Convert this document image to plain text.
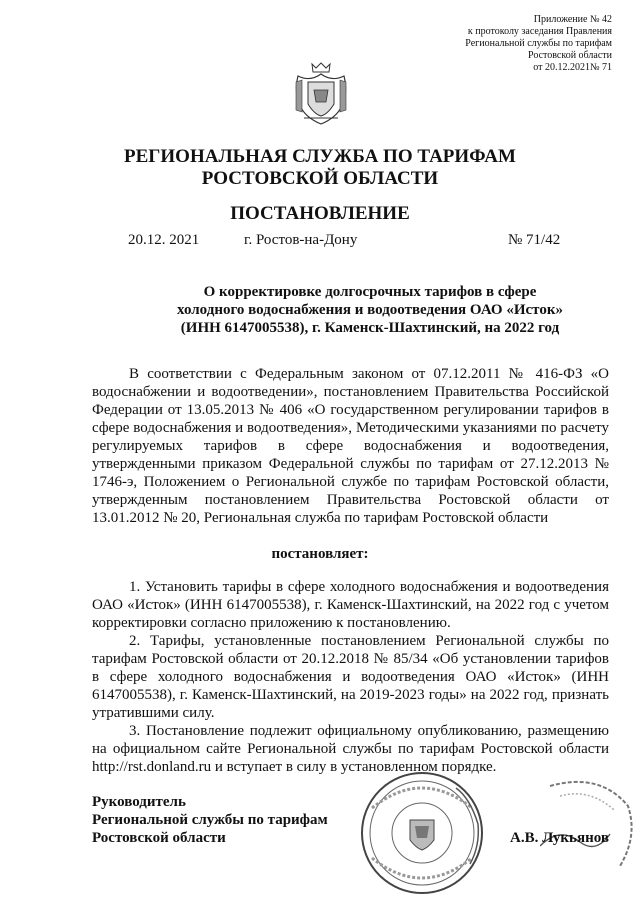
Приложение № 42
к протоколу заседания Правления
Региональной службы по тарифам
Ростовской области
от 20.12.2021№ 71
РЕГИОНАЛЬНАЯ СЛУЖБА ПО ТАРИФАМ
РОСТОВСКОЙ ОБЛАСТИ
ПОСТАНОВЛЕНИЕ
20.12. 2021	г. Ростов-на-Дону	№ 71/42
О корректировке долгосрочных тарифов в сфере
холодного водоснабжения и водоотведения ОАО «Исток»
(ИНН 6147005538), г. Каменск-Шахтинский, на 2022 год
В соответствии с Федеральным законом от 07.12.2011 № 416-ФЗ «О водоснабжении и водоотведении», постановлением Правительства Российской Федерации от 13.05.2013 № 406 «О государственном регулировании тарифов в сфере водоснабжения и водоотведения», Методическими указаниями по расчету регулируемых тарифов в сфере водоснабжения и водоотведения, утвержденными приказом Федеральной службы по тарифам от 27.12.2013 № 1746-э, Положением о Региональной службе по тарифам Ростовской области, утвержденным постановлением Правительства Ростовской области от 13.01.2012 № 20, Региональная служба по тарифам Ростовской области
постановляет:

1. Установить тарифы в сфере холодного водоснабжения и водоотведения ОАО «Исток» (ИНН 6147005538), г. Каменск-Шахтинский, на 2022 год с учетом корректировки согласно приложению к постановлению.

2. Тарифы, установленные постановлением Региональной службы по тарифам Ростовской области от 20.12.2018 № 85/34 «Об установлении тарифов в сфере холодного водоснабжения и водоотведения ОАО «Исток» (ИНН 6147005538), г. Каменск-Шахтинский, на 2019-2023 годы» на 2022 год, признать утратившими силу.

3. Постановление подлежит официальному опубликованию, размещению на официальном сайте Региональной службы по тарифам Ростовской области http://rst.donland.ru и вступает в силу в установленном порядке.

Руководитель
Региональной службы по тарифам
Ростовской области	А.В. Лукьянов
